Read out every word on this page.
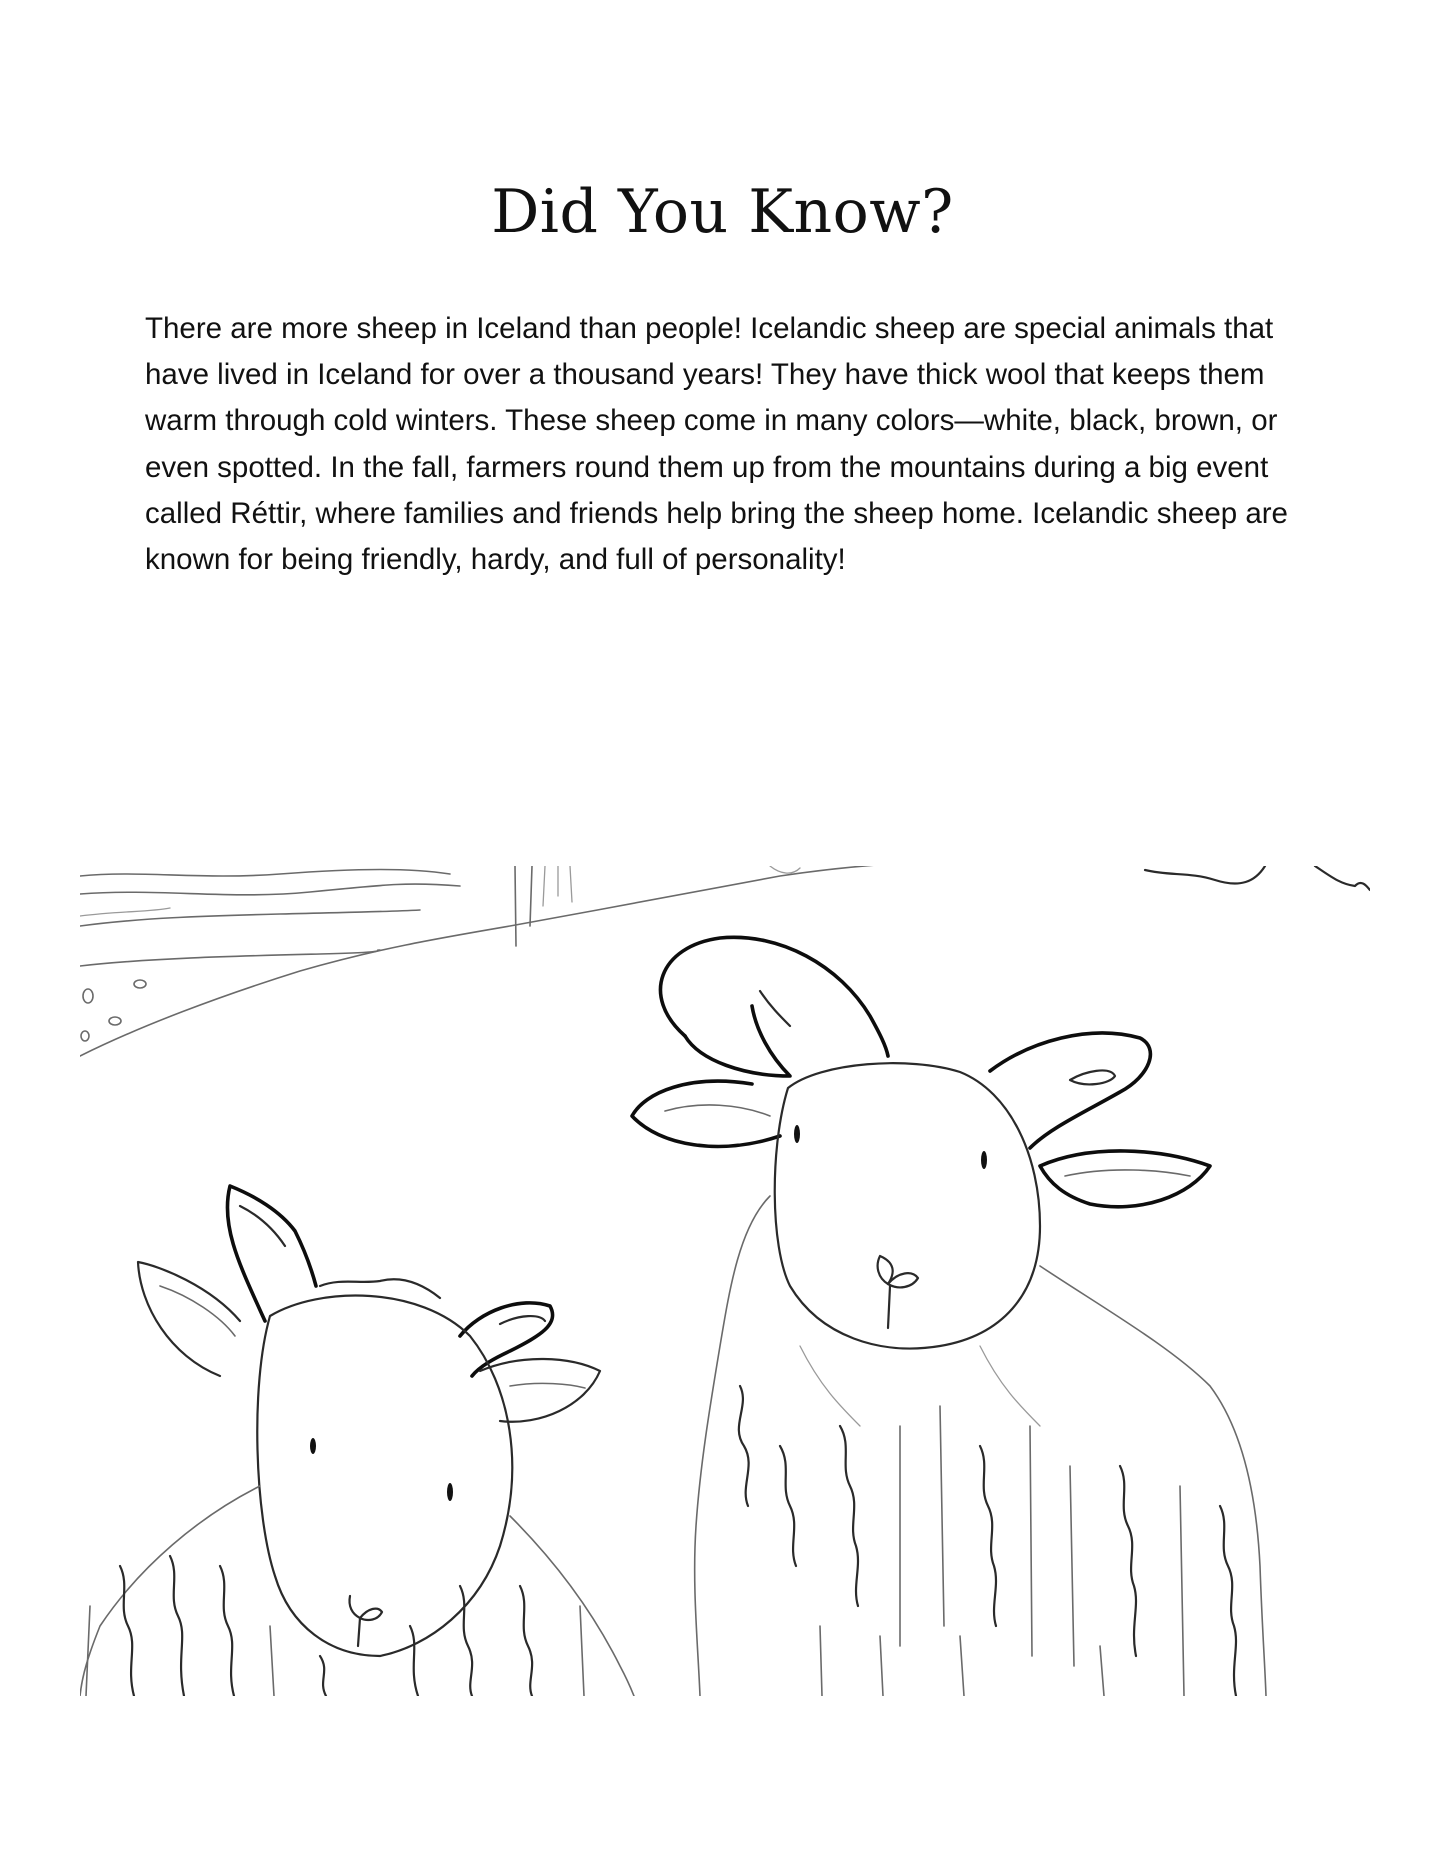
Did You Know?

There are more sheep in Iceland than people! Icelandic sheep are special animals that have lived in Iceland for over a thousand years! They have thick wool that keeps them warm through cold winters. These sheep come in many colors—white, black, brown, or even spotted. In the fall, farmers round them up from the mountains during a big event called Réttir, where families and friends help bring the sheep home. Icelandic sheep are known for being friendly, hardy, and full of personality!
